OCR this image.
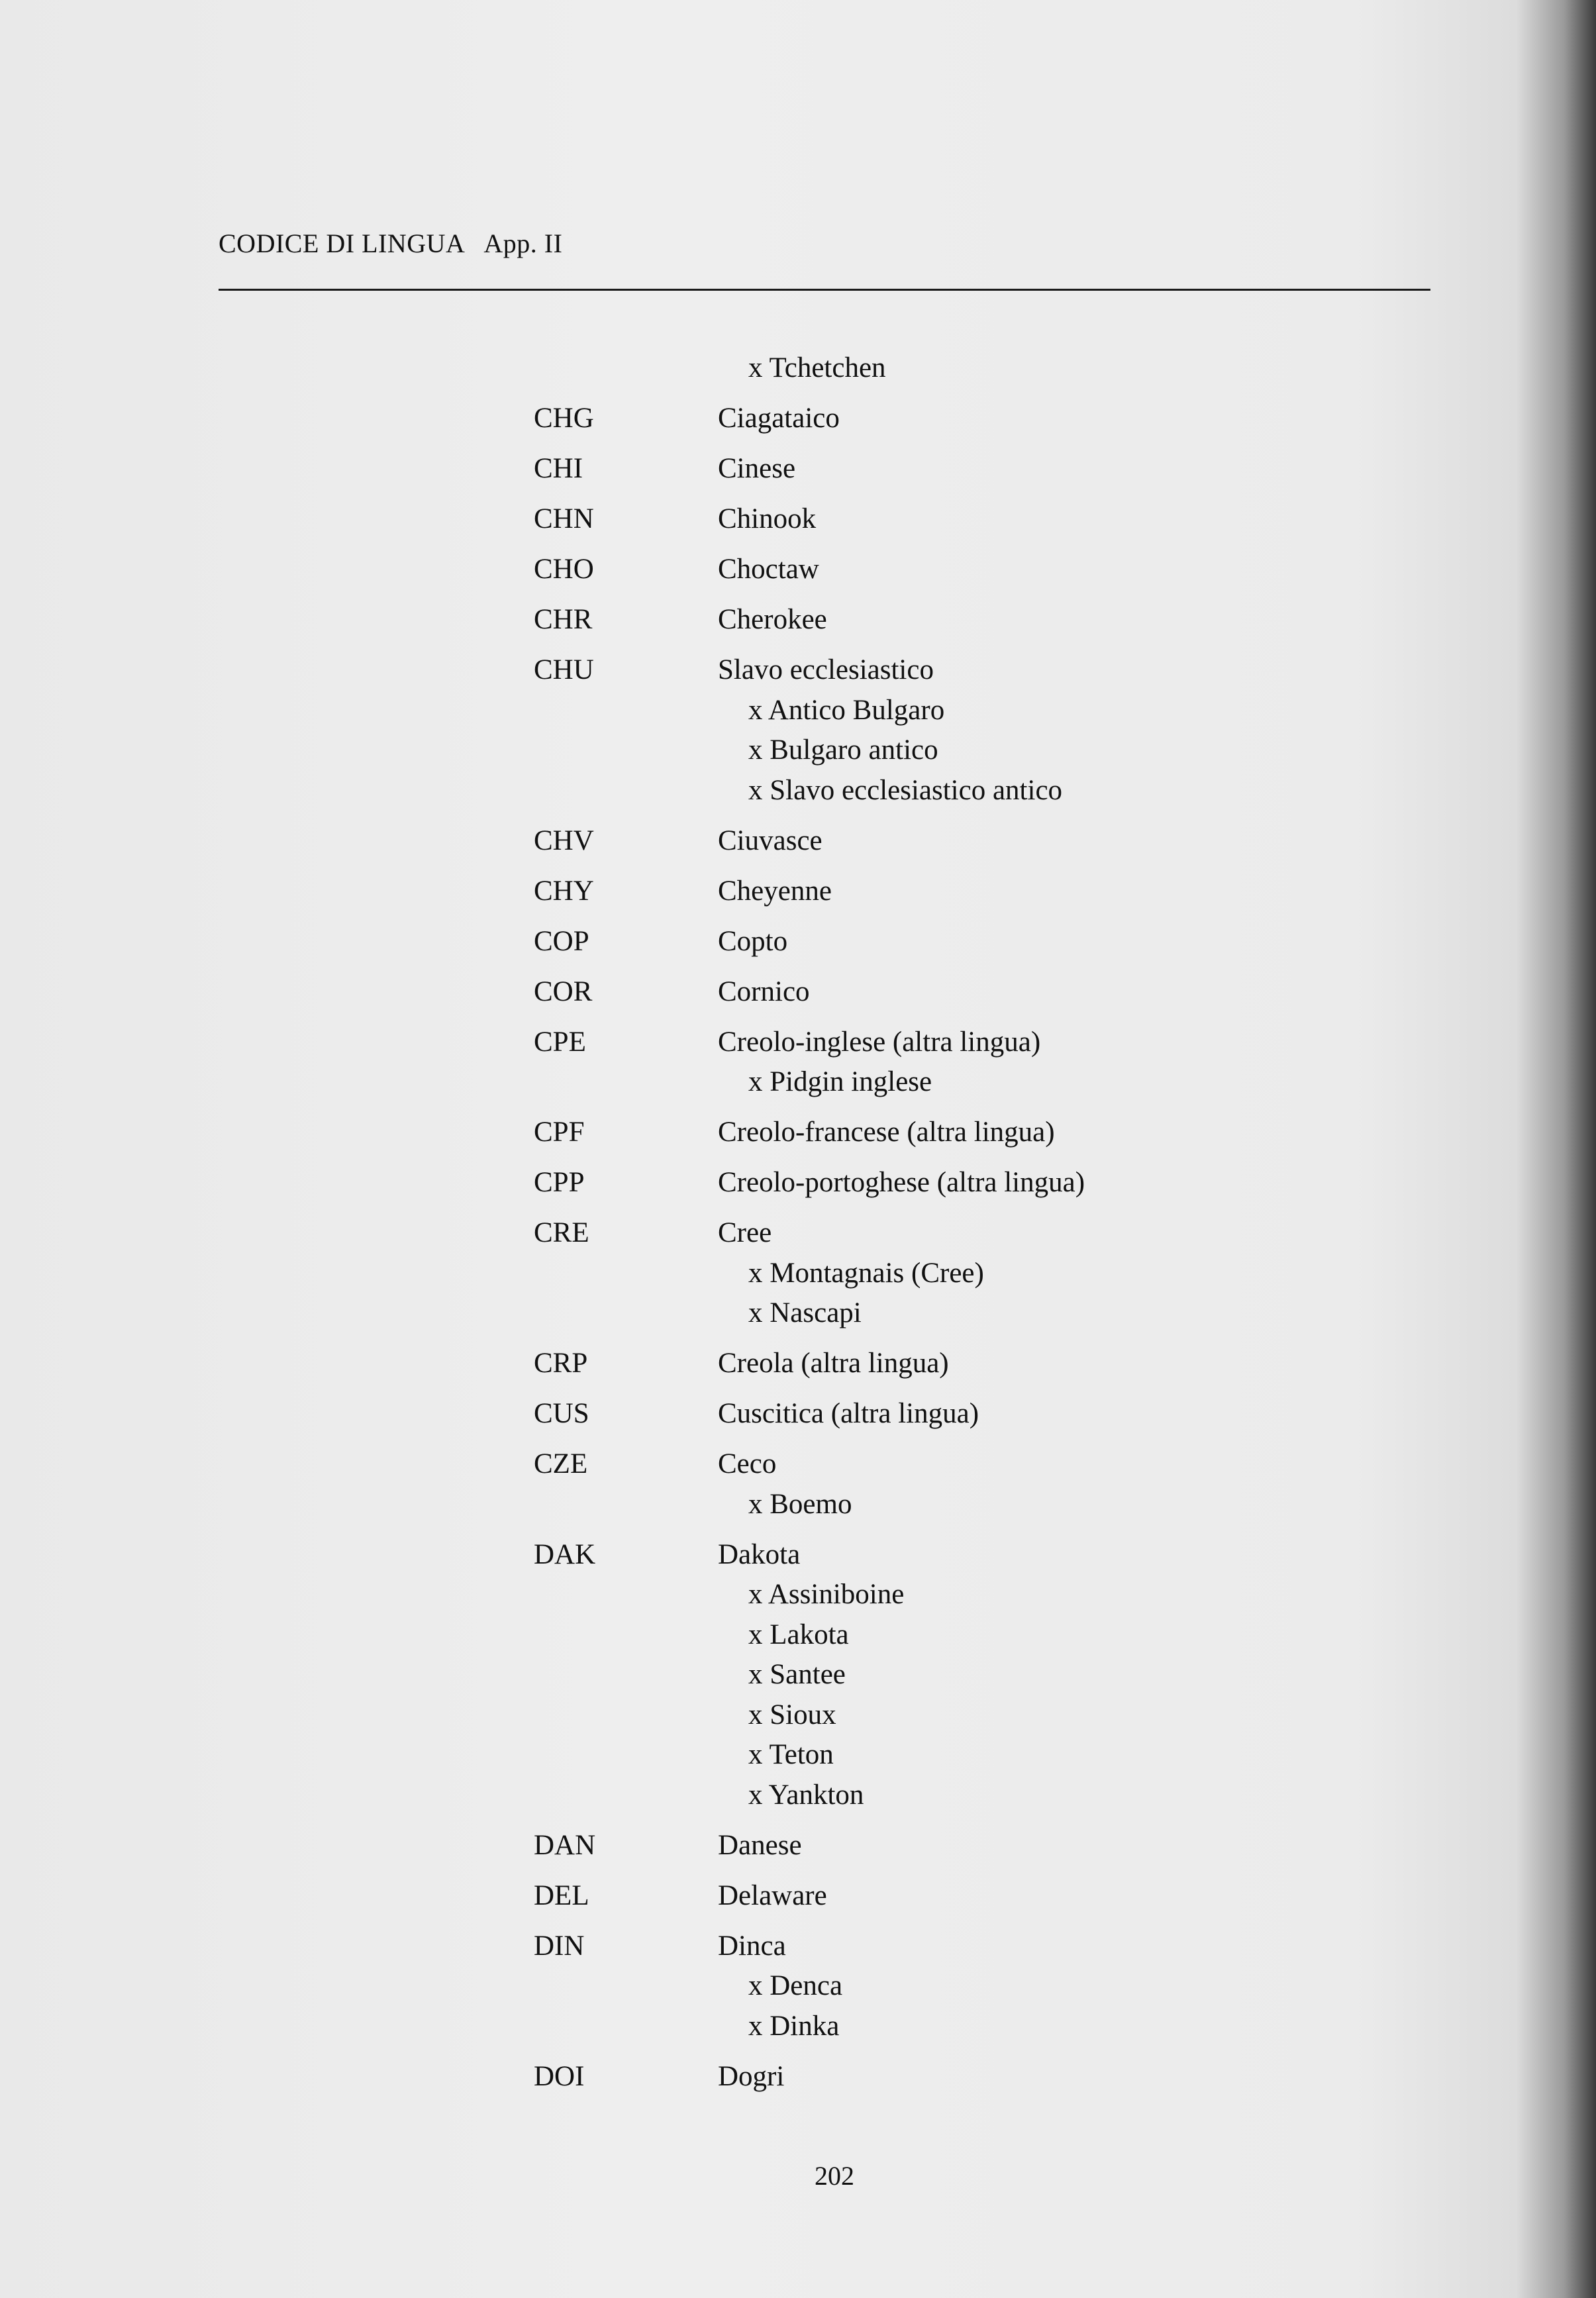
CODICE DI LINGUA App. II
x Tchetchen
CHG	Ciagataico
CHI	Cinese
CHN	Chinook
CHO	Choctaw
CHR	Cherokee
CHU	Slavo ecclesiastico
x Antico Bulgaro
x Bulgaro antico
x Slavo ecclesiastico antico
CHV	Ciuvasce
CHY	Cheyenne
COP	Copto
COR	Cornico
CPE	Creolo-inglese (altra lingua)
x Pidgin inglese
CPF	Creolo-francese (altra lingua)
CPP	Creolo-portoghese (altra lingua)
CRE	Cree
x Montagnais (Cree)
x Nascapi
CRP	Creola (altra lingua)
CUS	Cuscitica (altra lingua)
CZE	Ceco
x Boemo
DAK	Dakota
x Assiniboine
x Lakota
x Santee
x Sioux
x Teton
x Yankton
DAN	Danese
DEL	Delaware
DIN	Dinca
x Denca
x Dinka
DOI	Dogri
202
